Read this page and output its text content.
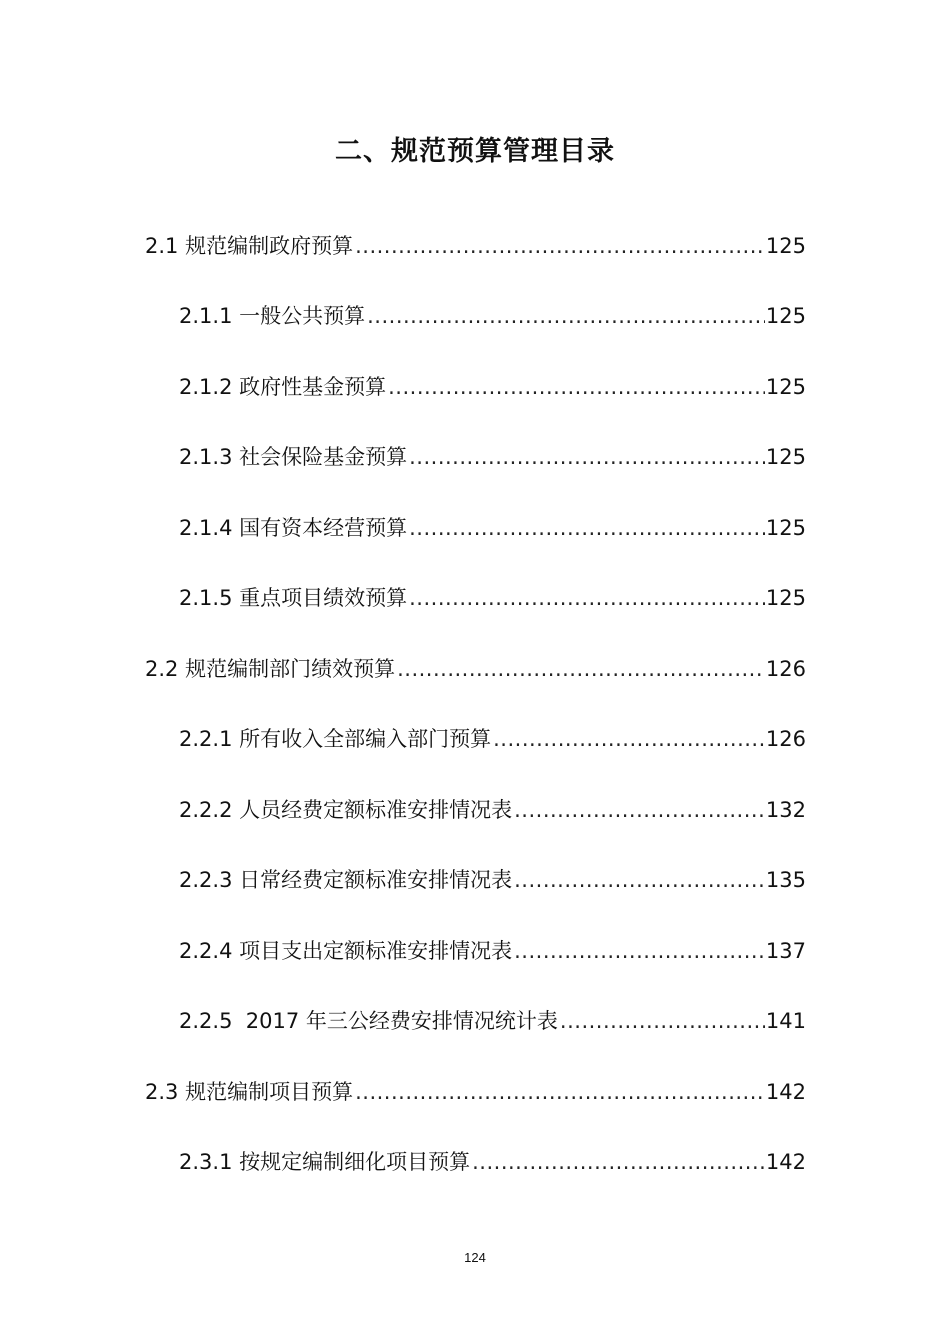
二、规范预算管理目录
2.1 规范编制政府预算 .....	125
2.1.1 一般公共预算 .....	125
2.1.2 政府性基金预算 .....	125
2.1.3 社会保险基金预算 .....	125
2.1.4 国有资本经营预算 .....	125
2.1.5 重点项目绩效预算 .....	125
2.2 规范编制部门绩效预算 .....	126
2.2.1 所有收入全部编入部门预算 .....	126
2.2.2 人员经费定额标准安排情况表 .....	132
2.2.3 日常经费定额标准安排情况表 .....	135
2.2.4 项目支出定额标准安排情况表 .....	137
2.2.5  2017 年三公经费安排情况统计表 .....	141
2.3 规范编制项目预算 .....	142
2.3.1 按规定编制细化项目预算 .....	142
124
